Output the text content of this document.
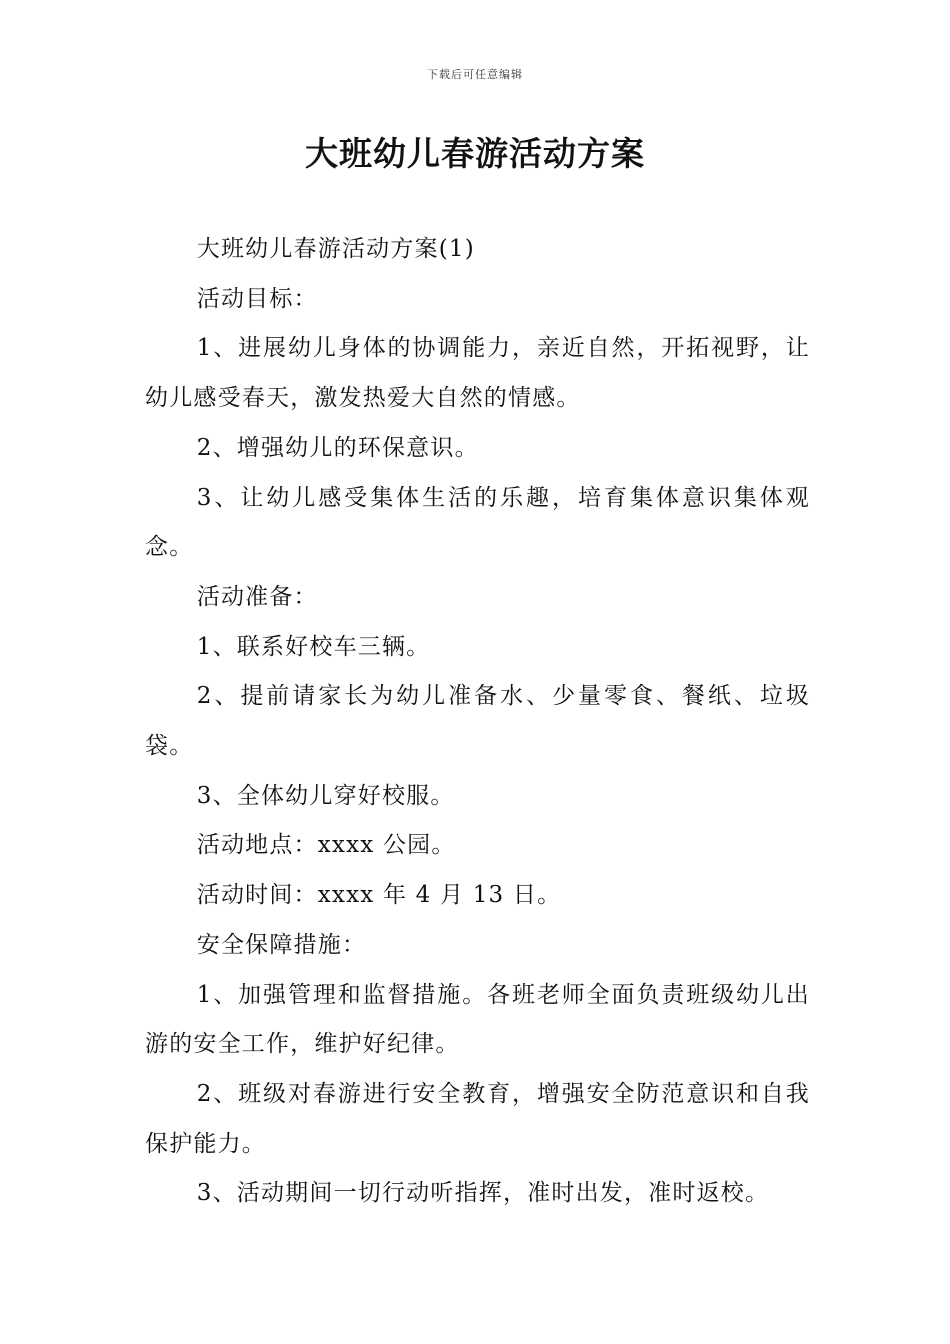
下载后可任意编辑
大班幼儿春游活动方案

大班幼儿春游活动方案(1)

活动目标：

1、进展幼儿身体的协调能力，亲近自然，开拓视野，让幼儿感受春天，激发热爱大自然的情感。

2、增强幼儿的环保意识。

3、让幼儿感受集体生活的乐趣，培育集体意识集体观念。

活动准备：

1、联系好校车三辆。

2、提前请家长为幼儿准备水、少量零食、餐纸、垃圾袋。

3、全体幼儿穿好校服。

活动地点：xxxx 公园。

活动时间：xxxx 年 4 月 13 日。

安全保障措施：

1、加强管理和监督措施。各班老师全面负责班级幼儿出游的安全工作，维护好纪律。

2、班级对春游进行安全教育，增强安全防范意识和自我保护能力。

3、活动期间一切行动听指挥，准时出发，准时返校。
